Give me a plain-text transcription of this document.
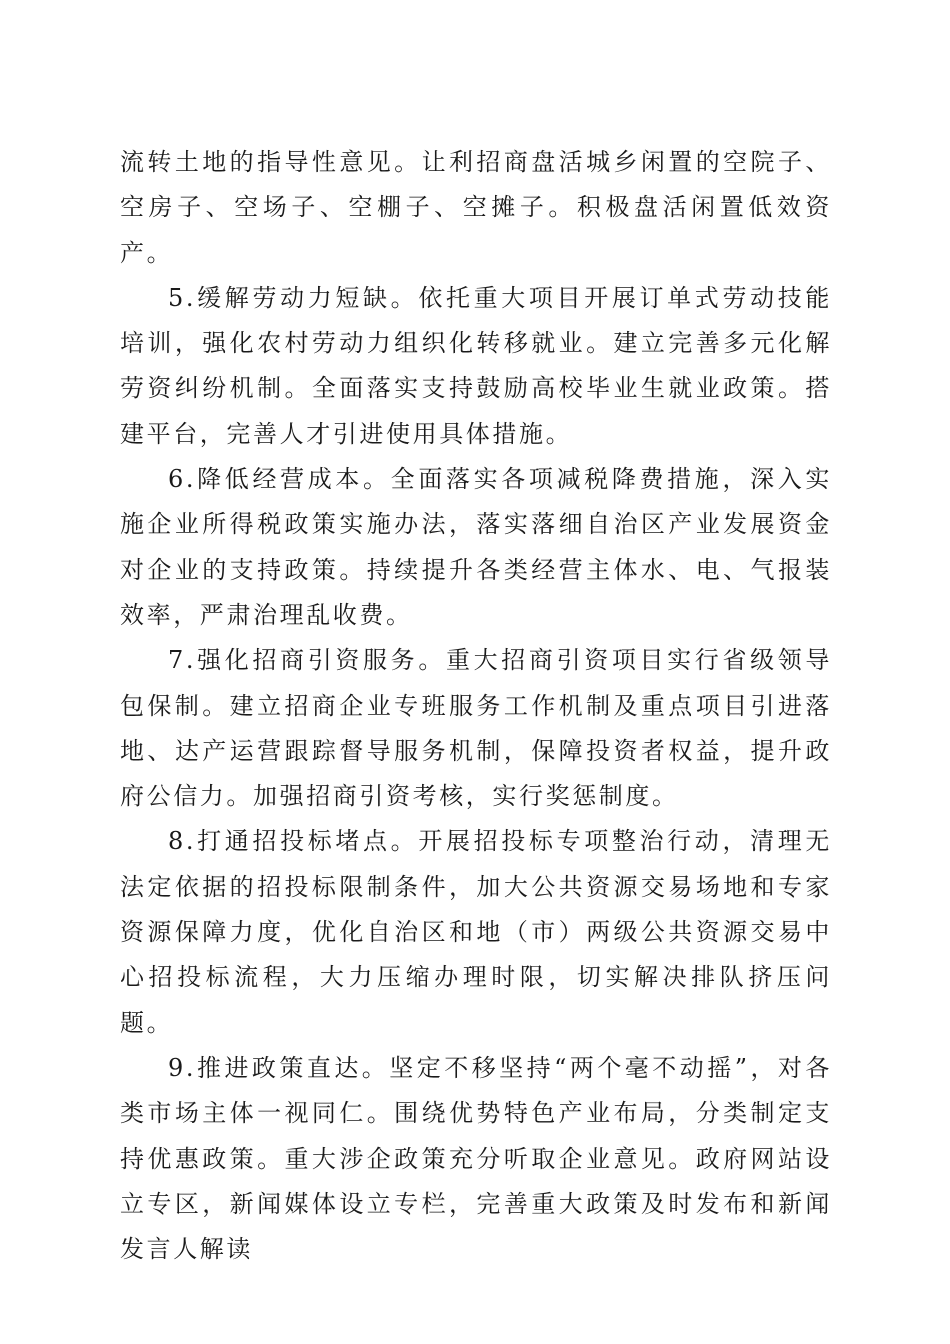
流转土地的指导性意见。让利招商盘活城乡闲置的空院子、空房子、空场子、空棚子、空摊子。积极盘活闲置低效资产。

5.缓解劳动力短缺。依托重大项目开展订单式劳动技能培训，强化农村劳动力组织化转移就业。建立完善多元化解劳资纠纷机制。全面落实支持鼓励高校毕业生就业政策。搭建平台，完善人才引进使用具体措施。

6.降低经营成本。全面落实各项减税降费措施，深入实施企业所得税政策实施办法，落实落细自治区产业发展资金对企业的支持政策。持续提升各类经营主体水、电、气报装效率，严肃治理乱收费。

7.强化招商引资服务。重大招商引资项目实行省级领导包保制。建立招商企业专班服务工作机制及重点项目引进落地、达产运营跟踪督导服务机制，保障投资者权益，提升政府公信力。加强招商引资考核，实行奖惩制度。

8.打通招投标堵点。开展招投标专项整治行动，清理无法定依据的招投标限制条件，加大公共资源交易场地和专家资源保障力度，优化自治区和地（市）两级公共资源交易中心招投标流程，大力压缩办理时限，切实解决排队挤压问题。

9.推进政策直达。坚定不移坚持“两个毫不动摇”，对各类市场主体一视同仁。围绕优势特色产业布局，分类制定支持优惠政策。重大涉企政策充分听取企业意见。政府网站设立专区，新闻媒体设立专栏，完善重大政策及时发布和新闻发言人解读
